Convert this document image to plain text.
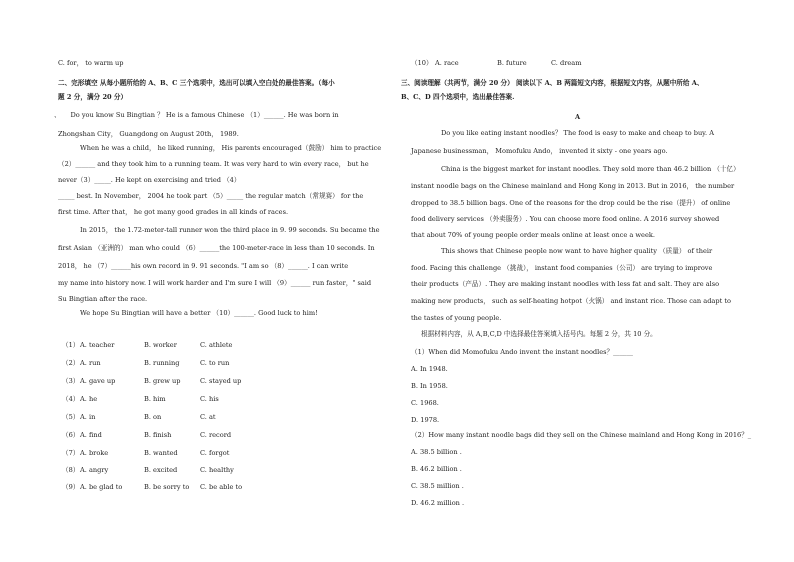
C. for， to warm up
二、完形填空 从每小题所给的 A、B、C 三个选项中，选出可以填入空白处的最佳答案。（每小
题 2 分，满分 20 分）
、　　Do you know Su Bingtian ？ He is a famous Chinese （1）______. He was born in
Zhongshan City， Guangdong on August 20th， 1989.
When he was a child， he liked running， His parents encouraged（鼓励） him to practice
（2）______ and they took him to a running team. It was very hard to win every race， but he
never（3）_____. He kept on exercising and tried （4）
_____ best. In November， 2004 he took part （5）_____ the regular match（常规赛） for the
first time. After that， he got many good grades in all kinds of races.
In 2015， the 1.72-meter-tall runner won the third place in 9. 99 seconds. Su became the
first Asian （亚洲的） man who could （6）______the 100-meter-race in less than 10 seconds. In
2018， he （7）______his own record in 9. 91 seconds. "I am so （8）______. I can write
my name into history now. I will work harder and I'm sure I will （9）______ run faster，" said
Su Bingtian after the race.
We hope Su Bingtian will have a better （10）______. Good luck to him!
（1） A. teacher	B. worker	C. athlete
（2） A. run	B. running	C. to run
（3） A. gave up	B. grew up	C. stayed up
（4） A. he	B. him	C. his
（5） A. in	B. on	C. at
（6） A. find	B. finish	C. record
（7） A. broke	B. wanted	C. forgot
（8） A. angry	B. excited	C. healthy
（9） A. be glad to	B. be sorry to C. be able to
（10） A. race	B. future	C. dream
三、阅读理解（共两节，满分 20 分） 阅读以下 A、B 两篇短文内容，根据短文内容，从题中所给 A、
B、C、D 四个选项中，选出最佳答案.
A
Do you like eating instant noodles？ The food is easy to make and cheap to buy. A
Japanese businessman， Momofuku Ando， invented it sixty - one years ago.
China is the biggest market for instant noodles. They sold more than 46.2 billion （十亿）
instant noodle bags on the Chinese mainland and Hong Kong in 2013. But in 2016， the number
dropped to 38.5 billion bags. One of the reasons for the drop could be the rise（提升） of online
food delivery services （外卖服务）. You can choose more food online. A 2016 survey showed
that about 70% of young people order meals online at least once a week.
This shows that Chinese people now want to have higher quality （质量） of their
food. Facing this challenge （挑战）， instant food companies（公司） are trying to improve
their products（产品）. They are making instant noodles with less fat and salt. They are also
making new products， such as self-heating hotpot（火锅） and instant rice. Those can adapt to
the tastes of young people.
根据材料内容，从 A,B,C,D 中选择最佳答案填入括号内。每题 2 分，共 10 分。
（1）When did Momofuku Ando invent the instant noodles？______
A. In 1948.
B. In 1958.
C. 1968.
D. 1978.
（2）How many instant noodle bags did they sell on the Chinese mainland and Hong Kong in 2016？_
A. 38.5 billion .
B. 46.2 billion .
C. 38.5 million .
D. 46.2 million .
